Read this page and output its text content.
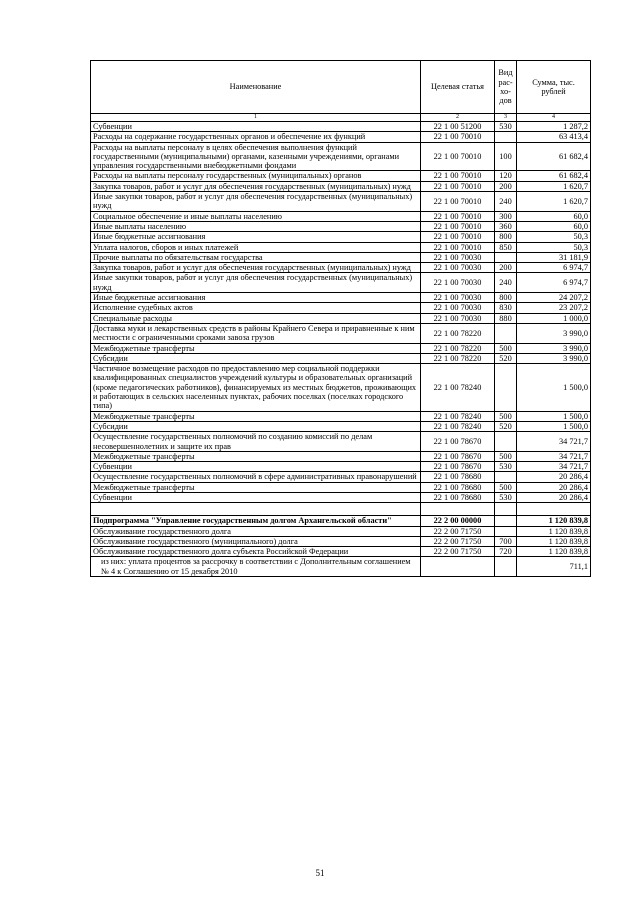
Наименование	Целевая статья	Вид рас-хо-дов	Сумма, тыс. рублей
1	2	3	4
Субвенции	22 1 00 51200	530	1 287,2
Расходы на содержание государственных органов и обеспечение их функций	22 1 00 70010		63 413,4
Расходы на выплаты персоналу в целях обеспечения выполнения функций государственными (муниципальными) органами, казенными учреждениями, органами управления государственными внебюджетными фондами	22 1 00 70010	100	61 682,4
Расходы на выплаты персоналу государственных (муниципальных) органов	22 1 00 70010	120	61 682,4
Закупка товаров, работ и услуг для обеспечения государственных (муниципальных) нужд	22 1 00 70010	200	1 620,7
Иные закупки товаров, работ и услуг для обеспечения государственных (муниципальных) нужд	22 1 00 70010	240	1 620,7
Социальное обеспечение и иные выплаты населению	22 1 00 70010	300	60,0
Иные выплаты населению	22 1 00 70010	360	60,0
Иные бюджетные ассигнования	22 1 00 70010	800	50,3
Уплата налогов, сборов и иных платежей	22 1 00 70010	850	50,3
Прочие выплаты по обязательствам государства	22 1 00 70030		31 181,9
Закупка товаров, работ и услуг для обеспечения государственных (муниципальных) нужд	22 1 00 70030	200	6 974,7
Иные закупки товаров, работ и услуг для обеспечения государственных (муниципальных) нужд	22 1 00 70030	240	6 974,7
Иные бюджетные ассигнования	22 1 00 70030	800	24 207,2
Исполнение судебных актов	22 1 00 70030	830	23 207,2
Специальные расходы	22 1 00 70030	880	1 000,0
Доставка муки и лекарственных средств в районы Крайнего Севера и приравненные к ним местности с ограниченными сроками завоза грузов	22 1 00 78220		3 990,0
Межбюджетные трансферты	22 1 00 78220	500	3 990,0
Субсидии	22 1 00 78220	520	3 990,0
Частичное возмещение расходов по предоставлению мер социальной поддержки квалифицированных специалистов учреждений культуры и образовательных организаций (кроме педагогических работников), финансируемых из местных бюджетов, проживающих и работающих в сельских населенных пунктах, рабочих поселках (поселках городского типа)	22 1 00 78240		1 500,0
Межбюджетные трансферты	22 1 00 78240	500	1 500,0
Субсидии	22 1 00 78240	520	1 500,0
Осуществление государственных полномочий по созданию комиссий по делам несовершеннолетних и защите их прав	22 1 00 78670		34 721,7
Межбюджетные трансферты	22 1 00 78670	500	34 721,7
Субвенции	22 1 00 78670	530	34 721,7
Осуществление государственных полномочий в сфере административных правонарушений	22 1 00 78680		20 286,4
Межбюджетные трансферты	22 1 00 78680	500	20 286,4
Субвенции	22 1 00 78680	530	20 286,4

Подпрограмма "Управление государственным долгом Архангельской области"	22 2 00 00000		1 120 839,8
Обслуживание государственного долга	22 2 00 71750		1 120 839,8
Обслуживание государственного (муниципального) долга	22 2 00 71750	700	1 120 839,8
Обслуживание государственного долга субъекта Российской Федерации	22 2 00 71750	720	1 120 839,8
из них: уплата процентов за рассрочку в соответствии с Дополнительным соглашением № 4 к Соглашению от 15 декабря 2010			711,1
51
